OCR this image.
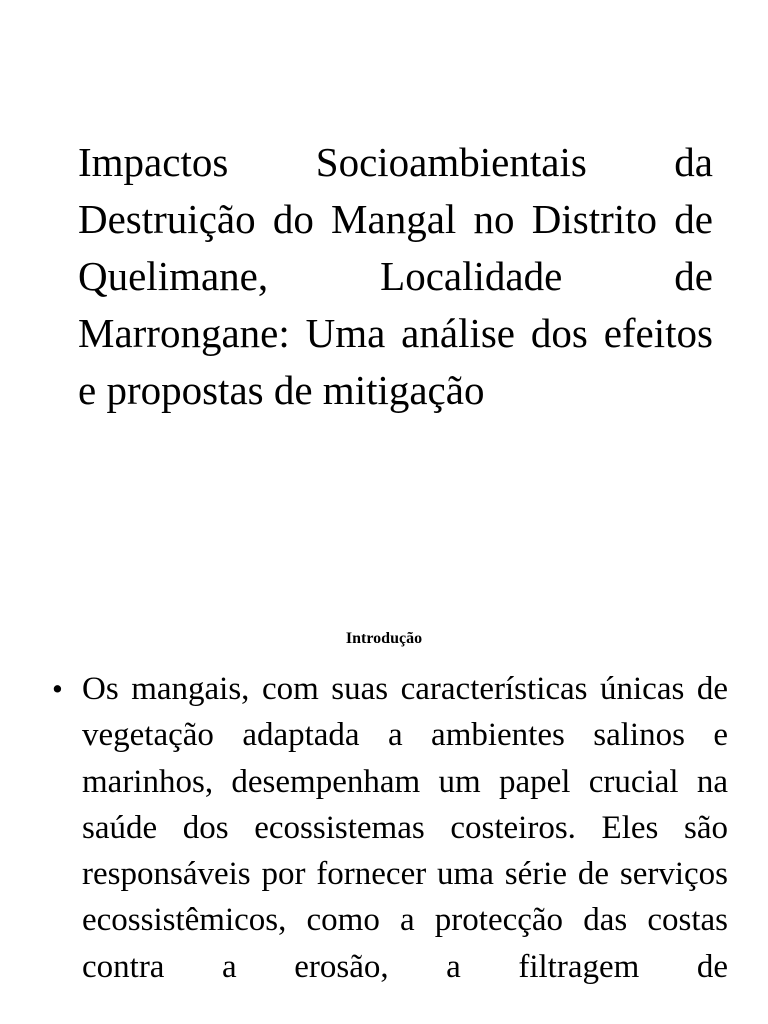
Impactos Socioambientais da Destruição do Mangal no Distrito de Quelimane, Localidade de Marrongane: Uma análise dos efeitos e propostas de mitigação
Introdução
• Os mangais, com suas características únicas de vegetação adaptada a ambientes salinos e marinhos, desempenham um papel crucial na saúde dos ecossistemas costeiros. Eles são responsáveis por fornecer uma série de serviços ecossistêmicos, como a protecção das costas contra a erosão, a filtragem de
